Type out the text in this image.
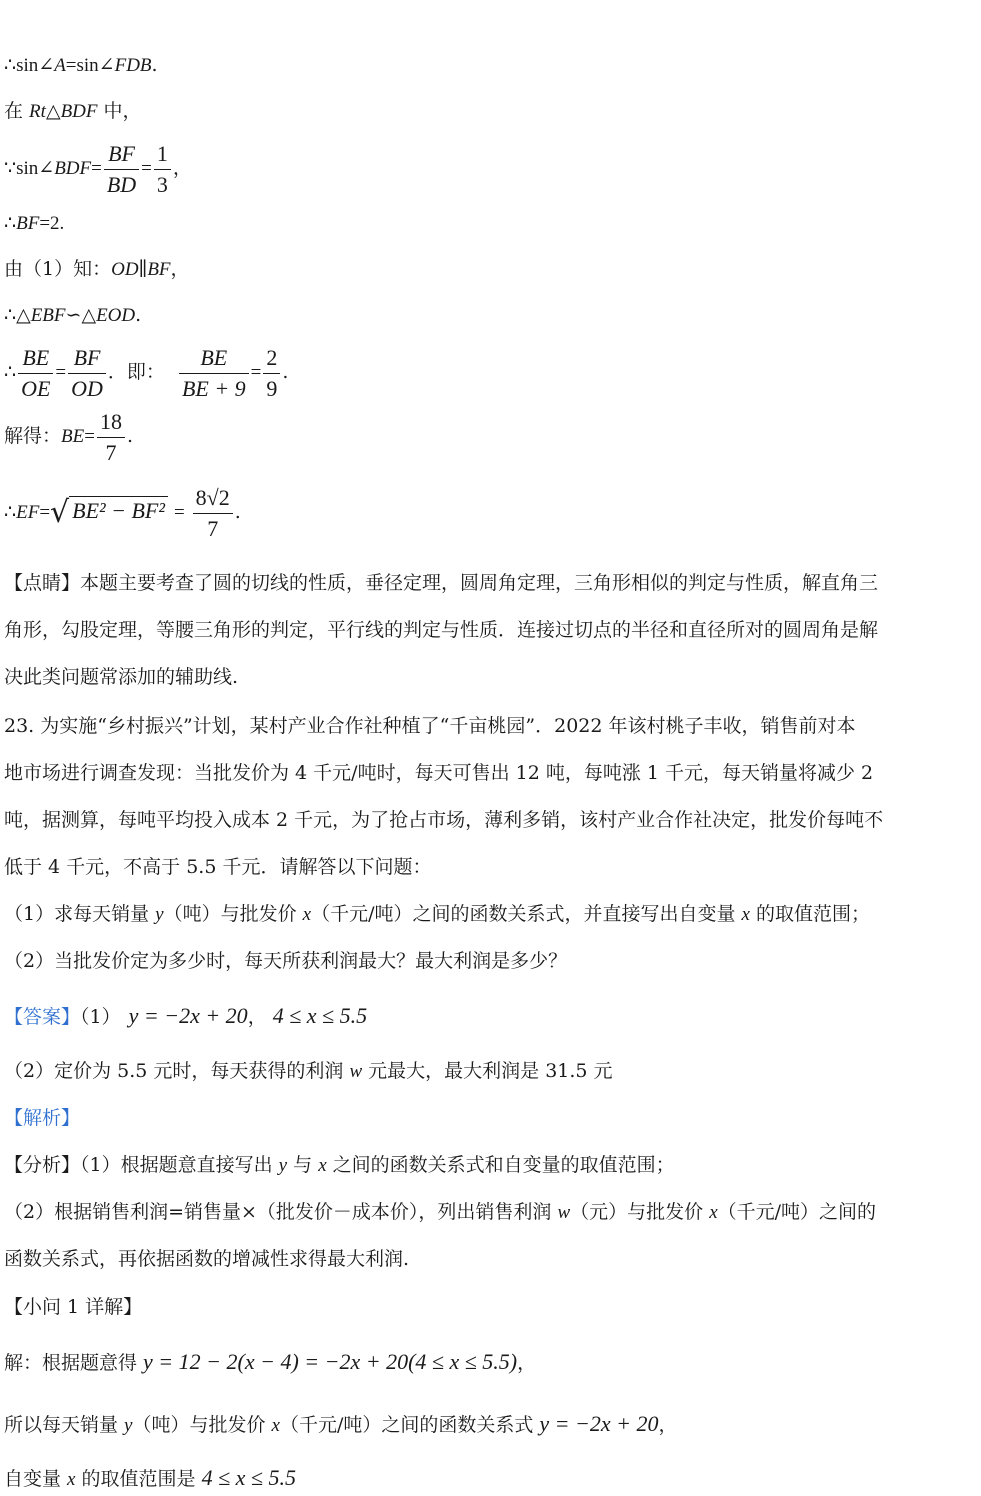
∴sin∠A=sin∠FDB.
在 Rt△BDF 中，
∵sin∠BDF= $\frac{BF}{BD} = \frac{1}{3}$ ，
∴BF=2.
由（1）知：OD∥BF，
∴△EBF∽△EOD.
∴ $\frac{BE}{OE} = \frac{BF}{OD}$ ．即： $\frac{BE}{BE + 9} = \frac{2}{9}$ .
解得：$BE= \frac{18}{7}$ .
∴EF=√ $BE^2 - BF^2 = \frac{8√2}{7}$ .
【点睛】本题主要考查了圆的切线的性质，垂径定理，圆周角定理，三角形相似的判定与性质，解直角三
角形，勾股定理，等腰三角形的判定，平行线的判定与性质．连接过切点的半径和直径所对的圆周角是解
决此类问题常添加的辅助线.
23. 为实施“乡村振兴”计划，某村产业合作社种植了“千亩桃园”．2022 年该村桃子丰收，销售前对本
地市场进行调查发现：当批发价为 4 千元/吨时，每天可售出 12 吨，每吨涨 1 千元，每天销量将减少 2
吨，据测算，每吨平均投入成本 2 千元，为了抢占市场，薄利多销，该村产业合作社决定，批发价每吨不
低于 4 千元，不高于 5.5 千元．请解答以下问题：
（1）求每天销量 y（吨）与批发价 x（千元/吨）之间的函数关系式，并直接写出自变量 x 的取值范围；
（2）当批发价定为多少时，每天所获利润最大？最大利润是多少？
【答案】（1） y = −2x + 20， 4 ≤ x ≤ 5.5
（2）定价为 5.5 元时，每天获得的利润 w 元最大，最大利润是 31.5 元
【解析】
【分析】（1）根据题意直接写出 y 与 x 之间的函数关系式和自变量的取值范围；
（2）根据销售利润=销售量×（批发价－成本价），列出销售利润 w（元）与批发价 x（千元/吨）之间的
函数关系式，再依据函数的增减性求得最大利润.
【小问 1 详解】
解：根据题意得 y = 12 − 2(x − 4) = −2x + 20(4 ≤ x ≤ 5.5)，
所以每天销量 y（吨）与批发价 x（千元/吨）之间的函数关系式 y = −2x + 20，
自变量 x 的取值范围是 4 ≤ x ≤ 5.5
